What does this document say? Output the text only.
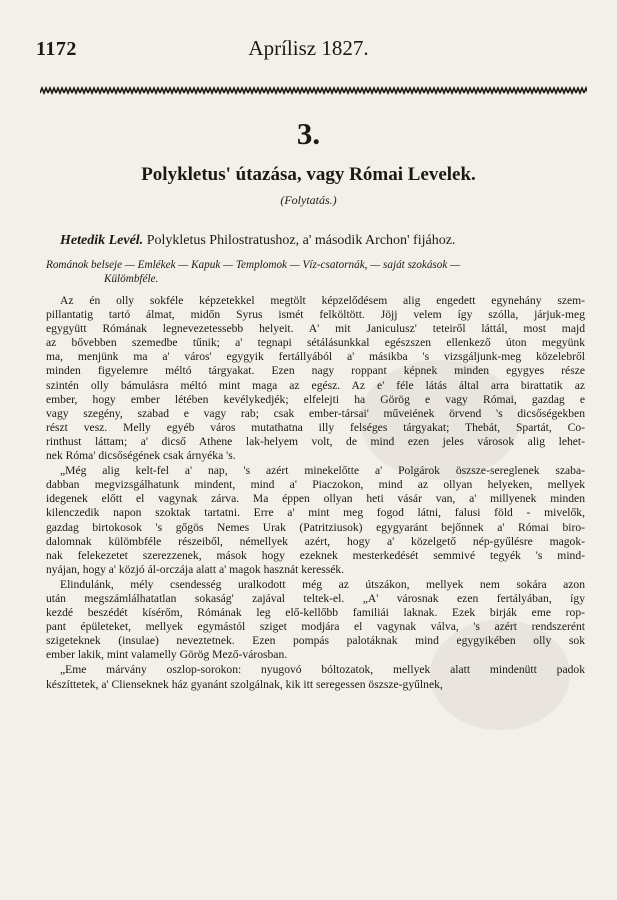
1172	Aprílisz 1827.
3.
Polykletus' útazása, vagy Római Levelek.
(Folytatás.)
Hetedik Levél. Polykletus Philostratushoz, a' második Archon' fijához.
Románok belseje — Emlékek — Kapuk — Templomok — Víz-csatornák, — saját szokások —
Külömbféle.
Az én olly sokféle képzetekkel megtölt képzelődésem alig engedett egynehány szem-
pillantatig tartó álmat, midőn Syrus ismét felköltött. Jöjj velem így szólla, járjuk-meg
egygyütt Rómának legnevezetessebb helyeit. A' mit Janiculusz' teteiről láttál, most majd
az bővebben szemedbe tűnik; a' tegnapi sétálásunkkal egészszen ellenkező úton megyünk
ma, menjünk ma a' város' egygyik fertállyából a' másikba 's vizsgáljunk-meg közelebről
minden figyelemre méltó tárgyakat. Ezen nagy roppant képnek minden egygyes része
szintén olly bámulásra méltó mint maga az egész. Az e' féle látás által arra birattatik az
ember, hogy ember létében kevélykedjék; elfelejti ha Görög e vagy Római, gazdag e
vagy szegény, szabad e vagy rab; csak ember-társai' műveiének örvend 's dicsőségekben
részt vesz. Melly egyéb város mutathatna illy felséges tárgyakat; Thebát, Spartát, Co-
rinthust láttam; a' dicső Athene lak-helyem volt, de mind ezen jeles városok alig lehet-
nek Róma' dicsőségének csak árnyéka 's.
„Még alig kelt-fel a' nap, 's azért minekelőtte a' Polgárok öszsze-sereglenek szaba-
dabban megvizsgálhatunk mindent, mind a' Piaczokon, mind az ollyan helyeken, mellyek
idegenek előtt el vagynak zárva. Ma éppen ollyan heti vásár van, a' millyenek minden
kilenczedik napon szoktak tartatni. Erre a' mint meg fogod látni, falusi föld - mivelők,
gazdag birtokosok 's gőgös Nemes Urak (Patritziusok) egygyaránt bejőnnek a' Római biro-
dalomnak külömbféle részeiből, némellyek azért, hogy a' közelgető nép-gyűlésre magok-
nak felekezetet szerezzenek, mások hogy ezeknek mesterkedését semmivé tegyék 's mind-
nyájan, hogy a' közjó ál-orczája alatt a' magok hasznát keressék.
Elindulánk, mély csendesség uralkodott még az útszákon, mellyek nem sokára azon
után megszámlálhatatlan sokaság' zajával teltek-el. „A' városnak ezen fertályában, így
kezdé beszédét kísérőm, Rómának leg elő-kellőbb familiái laknak. Ezek birják eme rop-
pant épületeket, mellyek egymástól sziget modjára el vagynak válva, 's azért rendszerént
szigeteknek (insulae) neveztetnek. Ezen pompás palotáknak mind egygyikében olly sok
ember lakik, mint valamelly Görög Mező-városban.
„Eme márvány oszlop-sorokon: nyugovó bóltozatok, mellyek alatt mindenütt padok
készíttetek, a' Clienseknek ház gyanánt szolgálnak, kik itt seregessen öszsze-gyűlnek,
